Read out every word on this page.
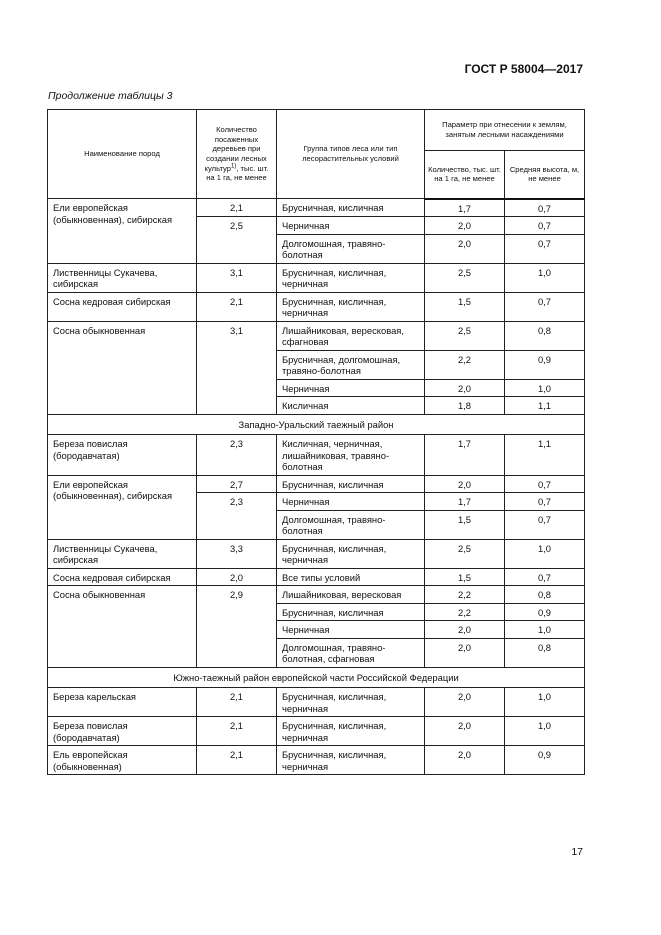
ГОСТ Р 58004—2017
Продолжение таблицы 3
Наименование пород	Количество посаженных деревьев при создании лесных культур$^{1)}$, тыс. шт. на 1 га, не менее	Группа типов леса или тип лесорастительных условий	Параметр при отнесении к землям, занятым лесными насаждениями	
			Количество, тыс. шт. на 1 га, не менее	Средняя высота, м, не менее
Ели европейская (обыкновенная), сибирская	2,1	Брусничная, кисличная	1,7	0,7
	2,5	Черничная	2,0	0,7
		Долгомошная, травяно-болотная	2,0	0,7
Лиственницы Сукачева, сибирская	3,1	Брусничная, кисличная, черничная	2,5	1,0
Сосна кедровая сибирская	2,1	Брусничная, кисличная, черничная	1,5	0,7
Сосна обыкновенная	3,1	Лишайниковая, вересковая, сфагновая	2,5	0,8
		Брусничная, долгомошная, травяно-болотная	2,2	0,9
		Черничная	2,0	1,0
		Кисличная	1,8	1,1
Западно-Уральский таежный район				
Береза повислая (бородавчатая)	2,3	Кисличная, черничная, лишайниковая, травяно-болотная	1,7	1,1
Ели европейская (обыкновенная), сибирская	2,7	Брусничная, кисличная	2,0	0,7
	2,3	Черничная	1,7	0,7
		Долгомошная, травяно-болотная	1,5	0,7
Лиственницы Сукачева, сибирская	3,3	Брусничная, кисличная, черничная	2,5	1,0
Сосна кедровая сибирская	2,0	Все типы условий	1,5	0,7
Сосна обыкновенная	2,9	Лишайниковая, вересковая	2,2	0,8
		Брусничная, кисличная	2,2	0,9
		Черничная	2,0	1,0
		Долгомошная, травяно-болотная, сфагновая	2,0	0,8
Южно-таежный район европейской части Российской Федерации				
Береза карельская	2,1	Брусничная, кисличная, черничная	2,0	1,0
Береза повислая (бородавчатая)	2,1	Брусничная, кисличная, черничная	2,0	1,0
Ель европейская (обыкновенная)	2,1	Брусничная, кисличная, черничная	2,0	0,9
17
